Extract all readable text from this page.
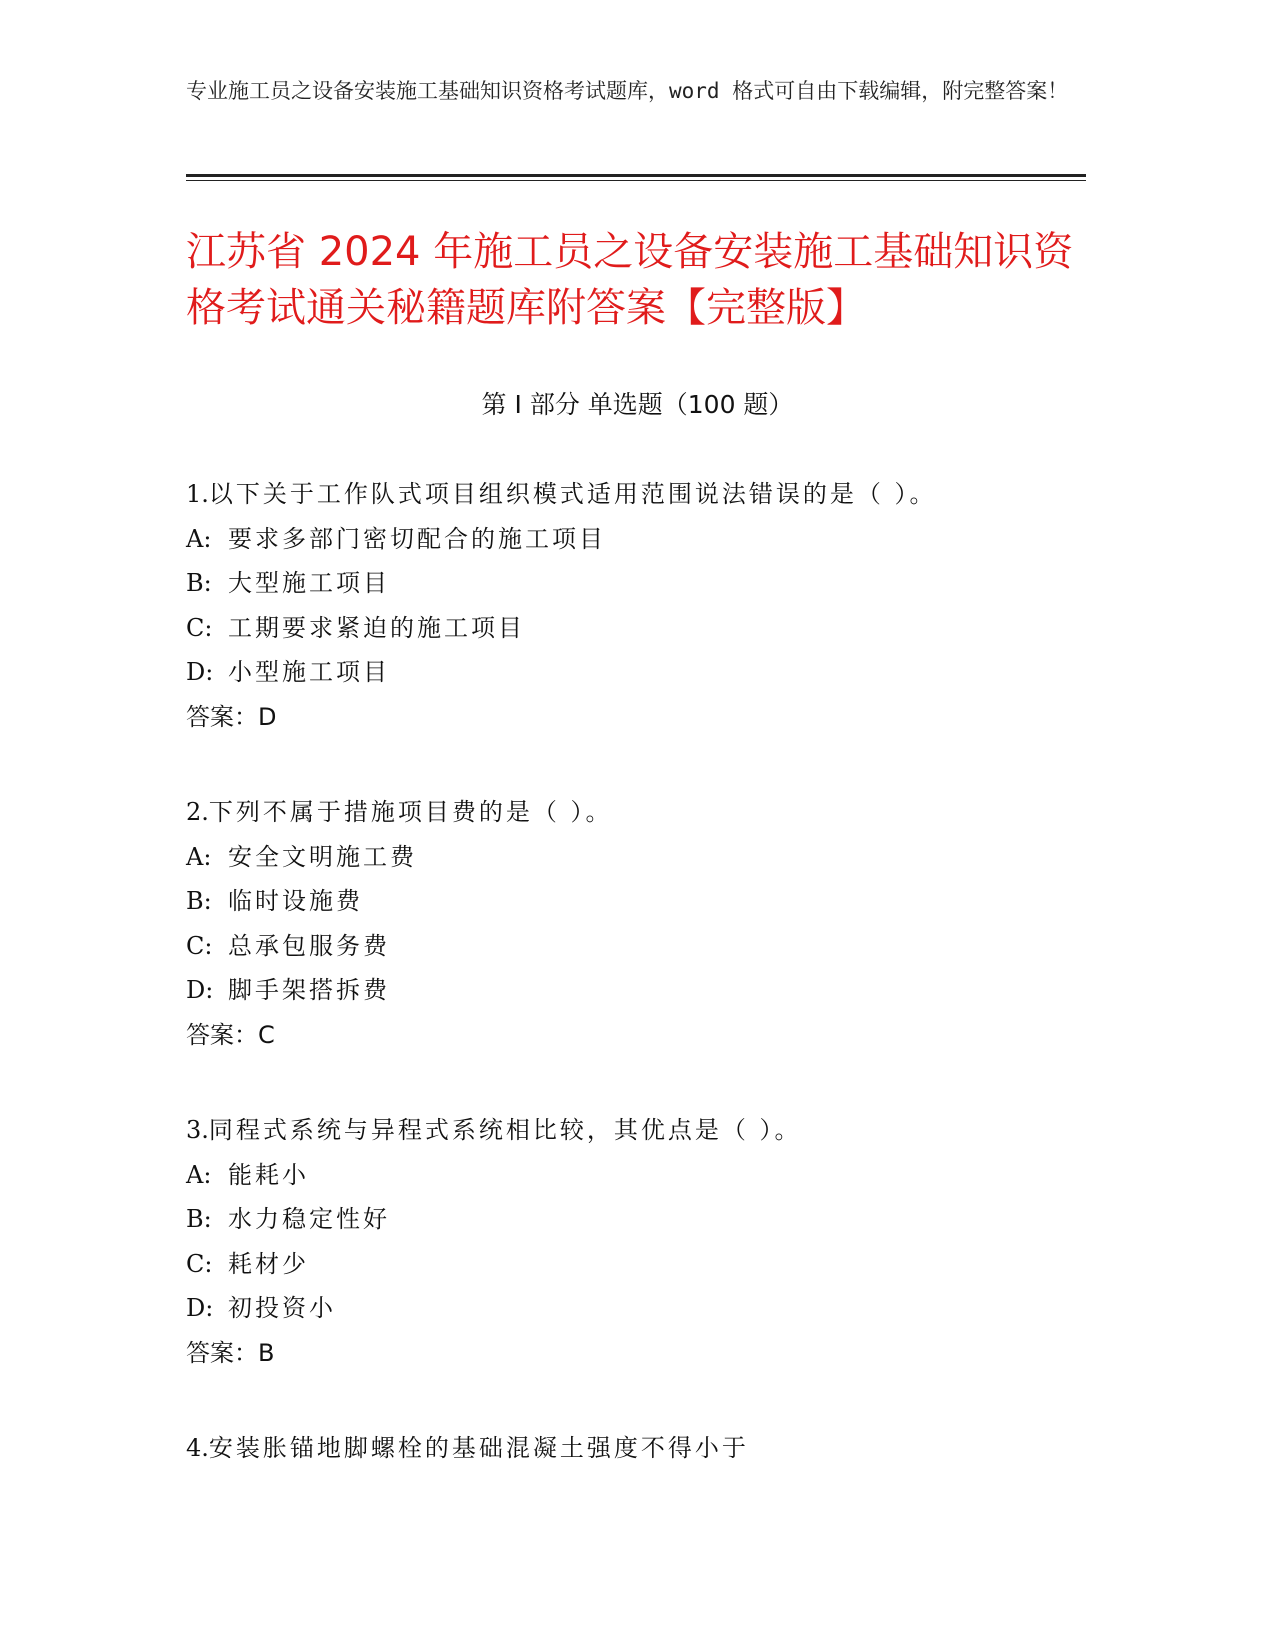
专业施工员之设备安装施工基础知识资格考试题库，word 格式可自由下载编辑，附完整答案！
江苏省 2024 年施工员之设备安装施工基础知识资格考试通关秘籍题库附答案【完整版】
第 I 部分 单选题（100 题）
1.以下关于工作队式项目组织模式适用范围说法错误的是（ ）。
A: 要求多部门密切配合的施工项目
B: 大型施工项目
C: 工期要求紧迫的施工项目
D: 小型施工项目
答案：D
2.下列不属于措施项目费的是（ ）。
A: 安全文明施工费
B: 临时设施费
C: 总承包服务费
D: 脚手架搭拆费
答案：C
3.同程式系统与异程式系统相比较，其优点是（ ）。
A: 能耗小
B: 水力稳定性好
C: 耗材少
D: 初投资小
答案：B
4.安装胀锚地脚螺栓的基础混凝土强度不得小于
